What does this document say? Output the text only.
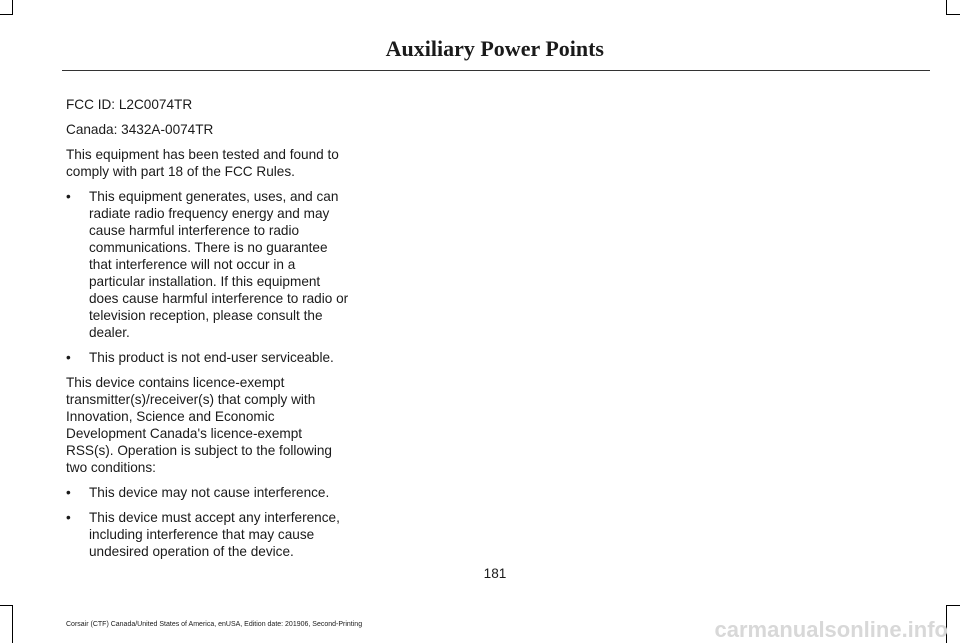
Auxiliary Power Points

FCC ID: L2C0074TR

Canada: 3432A-0074TR

This equipment has been tested and found to comply with part 18 of the FCC Rules.

• This equipment generates, uses, and can radiate radio frequency energy and may cause harmful interference to radio communications. There is no guarantee that interference will not occur in a particular installation. If this equipment does cause harmful interference to radio or television reception, please consult the dealer.
• This product is not end-user serviceable.

This device contains licence-exempt transmitter(s)/receiver(s) that comply with Innovation, Science and Economic Development Canada's licence-exempt RSS(s). Operation is subject to the following two conditions:

• This device may not cause interference.
• This device must accept any interference, including interference that may cause undesired operation of the device.
181
Corsair (CTF) Canada/United States of America, enUSA, Edition date: 201906, Second-Printing	carmanualsonline.info
